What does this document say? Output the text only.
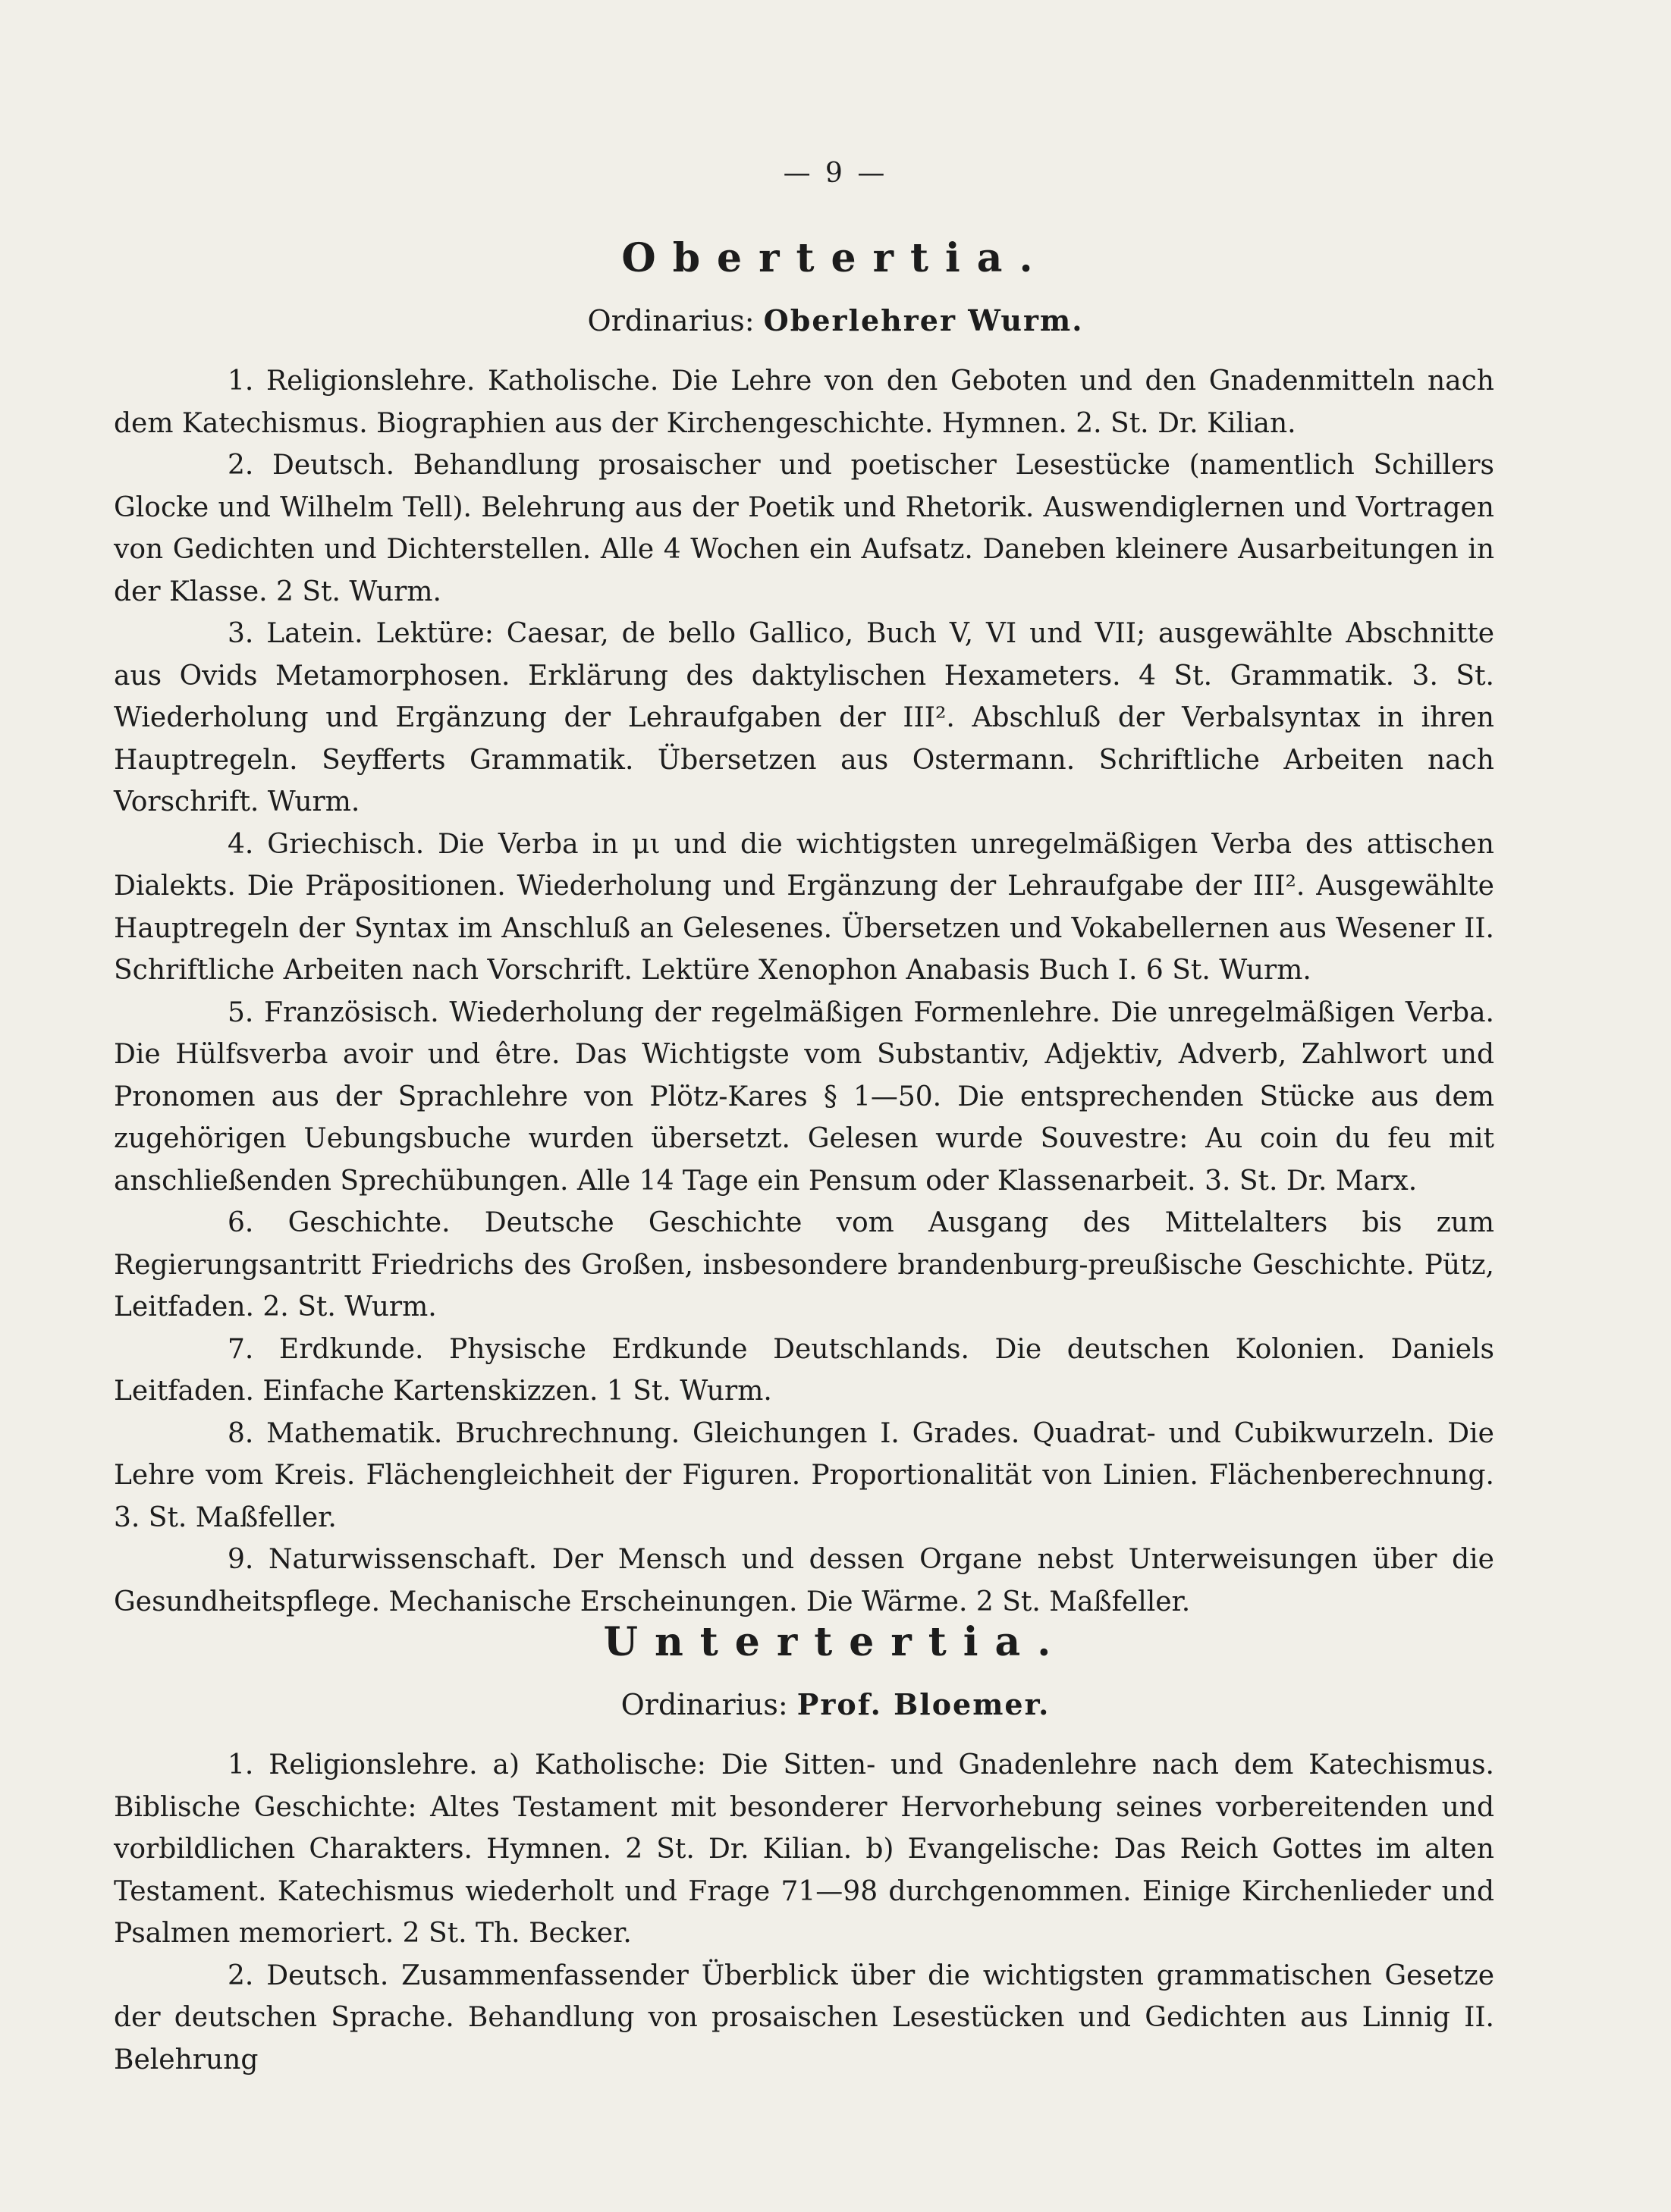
— 9 —
Obertertia.
Ordinarius: Oberlehrer Wurm.

1. Religionslehre. Katholische. Die Lehre von den Geboten und den Gnadenmitteln nach dem Katechismus. Biographien aus der Kirchengeschichte. Hymnen. 2. St. Dr. Kilian.

2. Deutsch. Behandlung prosaischer und poetischer Lesestücke (namentlich Schillers Glocke und Wilhelm Tell). Belehrung aus der Poetik und Rhetorik. Auswendiglernen und Vortragen von Gedichten und Dichterstellen. Alle 4 Wochen ein Aufsatz. Daneben kleinere Ausarbeitungen in der Klasse. 2 St. Wurm.

3. Latein. Lektüre: Caesar, de bello Gallico, Buch V, VI und VII; ausgewählte Abschnitte aus Ovids Metamorphosen. Erklärung des daktylischen Hexameters. 4 St. Grammatik. 3. St. Wiederholung und Ergänzung der Lehraufgaben der III². Abschluß der Verbalsyntax in ihren Hauptregeln. Seyfferts Grammatik. Übersetzen aus Ostermann. Schriftliche Arbeiten nach Vorschrift. Wurm.

4. Griechisch. Die Verba in μι und die wichtigsten unregelmäßigen Verba des attischen Dialekts. Die Präpositionen. Wiederholung und Ergänzung der Lehraufgabe der III². Ausgewählte Hauptregeln der Syntax im Anschluß an Gelesenes. Übersetzen und Vokabellernen aus Wesener II. Schriftliche Arbeiten nach Vorschrift. Lektüre Xenophon Anabasis Buch I. 6 St. Wurm.

5. Französisch. Wiederholung der regelmäßigen Formenlehre. Die unregelmäßigen Verba. Die Hülfsverba avoir und être. Das Wichtigste vom Substantiv, Adjektiv, Adverb, Zahlwort und Pronomen aus der Sprachlehre von Plötz-Kares § 1—50. Die entsprechenden Stücke aus dem zugehörigen Uebungsbuche wurden übersetzt. Gelesen wurde Souvestre: Au coin du feu mit anschließenden Sprechübungen. Alle 14 Tage ein Pensum oder Klassenarbeit. 3. St. Dr. Marx.

6. Geschichte. Deutsche Geschichte vom Ausgang des Mittelalters bis zum Regierungsantritt Friedrichs des Großen, insbesondere brandenburg-preußische Geschichte. Pütz, Leitfaden. 2. St. Wurm.

7. Erdkunde. Physische Erdkunde Deutschlands. Die deutschen Kolonien. Daniels Leitfaden. Einfache Kartenskizzen. 1 St. Wurm.

8. Mathematik. Bruchrechnung. Gleichungen I. Grades. Quadrat- und Cubikwurzeln. Die Lehre vom Kreis. Flächengleichheit der Figuren. Proportionalität von Linien. Flächenberechnung. 3. St. Maßfeller.

9. Naturwissenschaft. Der Mensch und dessen Organe nebst Unterweisungen über die Gesundheitspflege. Mechanische Erscheinungen. Die Wärme. 2 St. Maßfeller.

Untertertia.
Ordinarius: Prof. Bloemer.

1. Religionslehre. a) Katholische: Die Sitten- und Gnadenlehre nach dem Katechismus. Biblische Geschichte: Altes Testament mit besonderer Hervorhebung seines vorbereitenden und vorbildlichen Charakters. Hymnen. 2 St. Dr. Kilian. b) Evangelische: Das Reich Gottes im alten Testament. Katechismus wiederholt und Frage 71—98 durchgenommen. Einige Kirchenlieder und Psalmen memoriert. 2 St. Th. Becker.

2. Deutsch. Zusammenfassender Überblick über die wichtigsten grammatischen Gesetze der deutschen Sprache. Behandlung von prosaischen Lesestücken und Gedichten aus Linnig II. Belehrung
